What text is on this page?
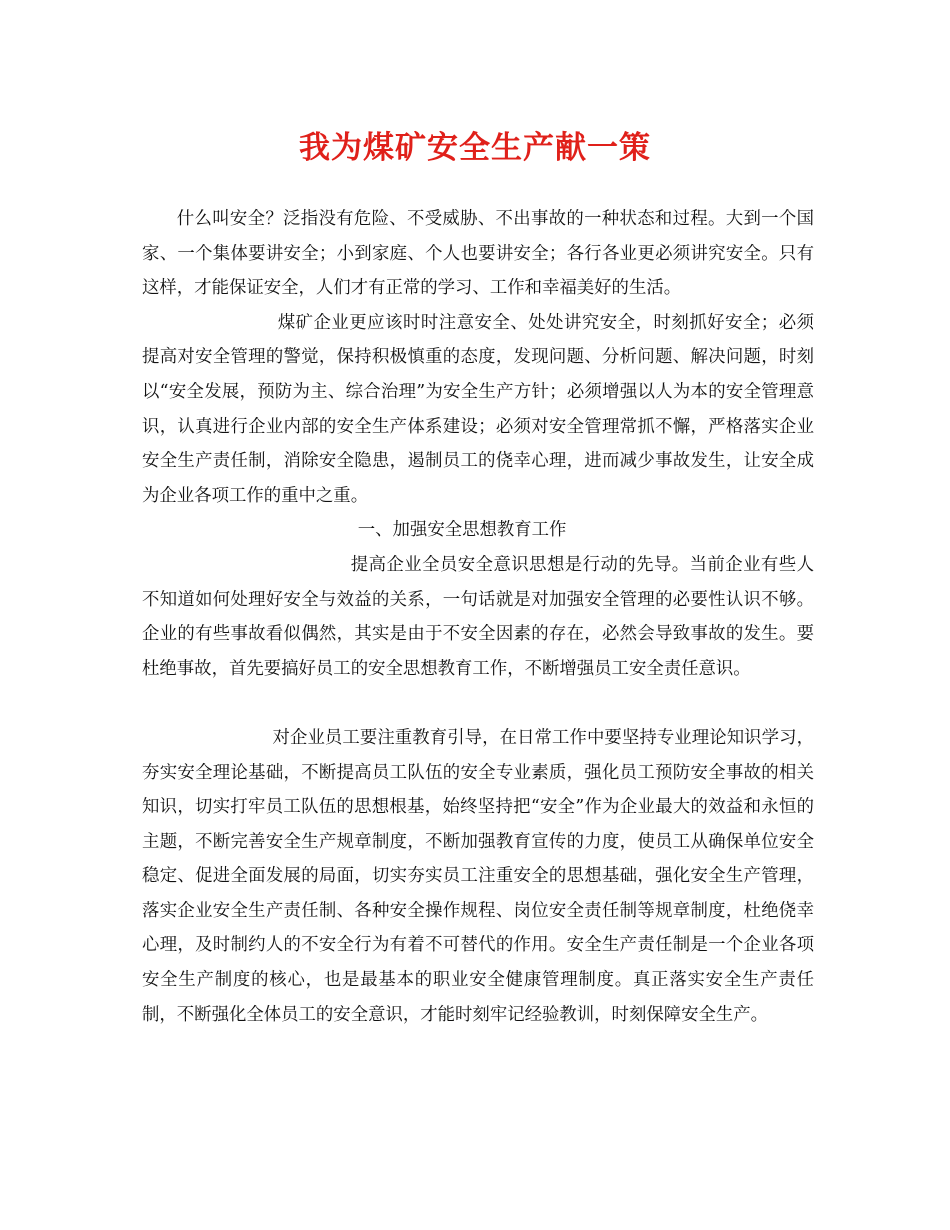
我为煤矿安全生产献一策

什么叫安全？泛指没有危险、不受威胁、不出事故的一种状态和过程。大到一个国家、一个集体要讲安全；小到家庭、个人也要讲安全；各行各业更必须讲究安全。只有这样，才能保证安全，人们才有正常的学习、工作和幸福美好的生活。

煤矿企业更应该时时注意安全、处处讲究安全，时刻抓好安全；必须提高对安全管理的警觉，保持积极慎重的态度，发现问题、分析问题、解决问题，时刻以“安全发展，预防为主、综合治理”为安全生产方针；必须增强以人为本的安全管理意识，认真进行企业内部的安全生产体系建设；必须对安全管理常抓不懈，严格落实企业安全生产责任制，消除安全隐患，遏制员工的侥幸心理，进而减少事故发生，让安全成为企业各项工作的重中之重。

一、加强安全思想教育工作

提高企业全员安全意识思想是行动的先导。当前企业有些人不知道如何处理好安全与效益的关系，一句话就是对加强安全管理的必要性认识不够。企业的有些事故看似偶然，其实是由于不安全因素的存在，必然会导致事故的发生。要杜绝事故，首先要搞好员工的安全思想教育工作，不断增强员工安全责任意识。

对企业员工要注重教育引导，在日常工作中要坚持专业理论知识学习，夯实安全理论基础，不断提高员工队伍的安全专业素质，强化员工预防安全事故的相关知识，切实打牢员工队伍的思想根基，始终坚持把“安全”作为企业最大的效益和永恒的主题，不断完善安全生产规章制度，不断加强教育宣传的力度，使员工从确保单位安全稳定、促进全面发展的局面，切实夯实员工注重安全的思想基础，强化安全生产管理，落实企业安全生产责任制、各种安全操作规程、岗位安全责任制等规章制度，杜绝侥幸心理，及时制约人的不安全行为有着不可替代的作用。安全生产责任制是一个企业各项安全生产制度的核心，也是最基本的职业安全健康管理制度。真正落实安全生产责任制，不断强化全体员工的安全意识，才能时刻牢记经验教训，时刻保障安全生产。
